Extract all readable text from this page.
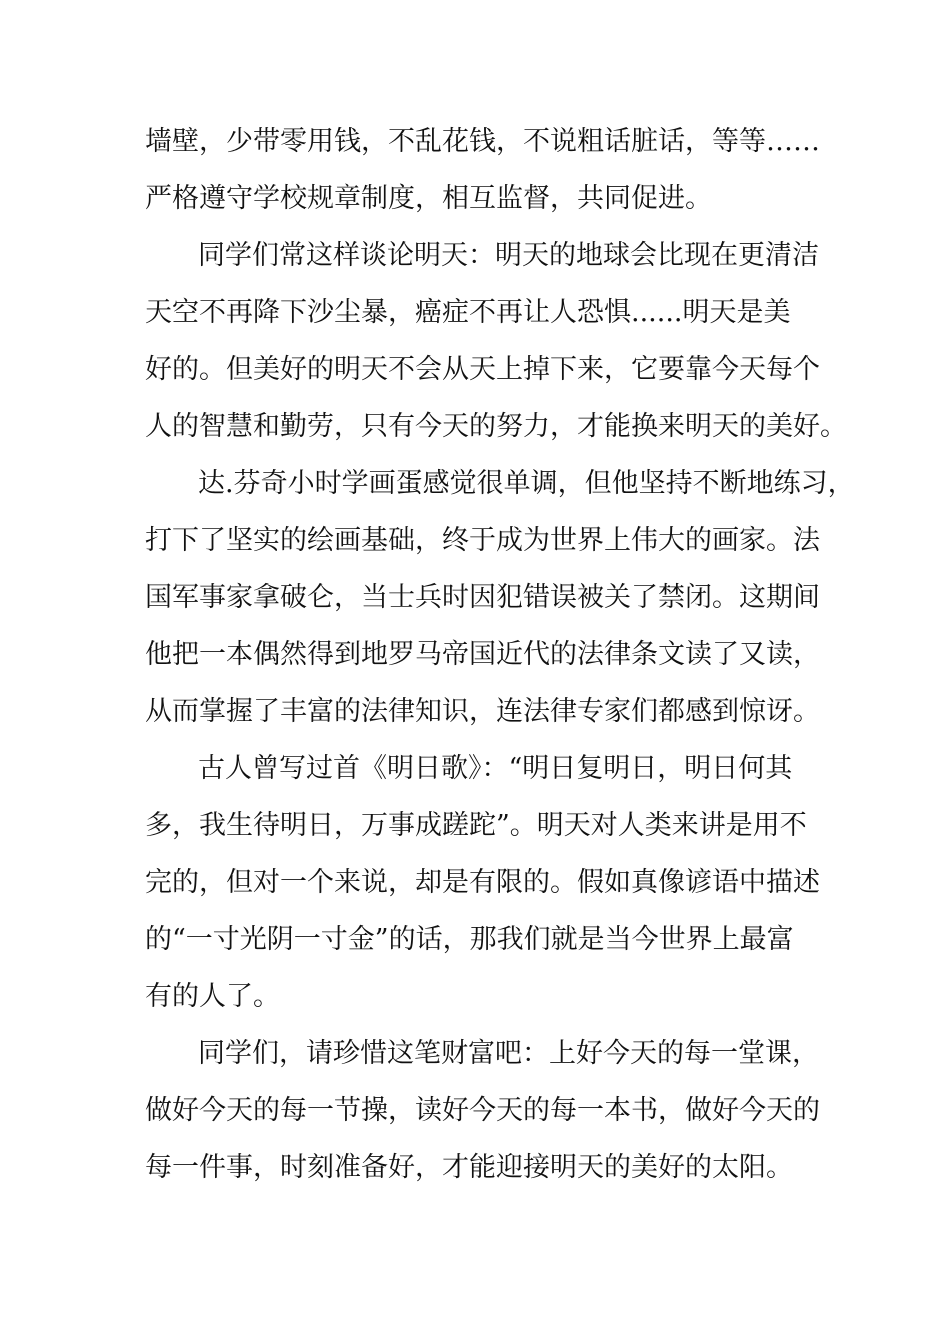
墙壁，少带零用钱，不乱花钱，不说粗话脏话，等等……

严格遵守学校规章制度，相互监督，共同促进。

同学们常这样谈论明天：明天的地球会比现在更清洁

天空不再降下沙尘暴，癌症不再让人恐惧......明天是美

好的。但美好的明天不会从天上掉下来，它要靠今天每个

人的智慧和勤劳，只有今天的努力，才能换来明天的美好。

达.芬奇小时学画蛋感觉很单调，但他坚持不断地练习，

打下了坚实的绘画基础，终于成为世界上伟大的画家。法

国军事家拿破仑，当士兵时因犯错误被关了禁闭。这期间

他把一本偶然得到地罗马帝国近代的法律条文读了又读，

从而掌握了丰富的法律知识，连法律专家们都感到惊讶。

古人曾写过首《明日歌》：“明日复明日，明日何其

多，我生待明日，万事成蹉跎”。明天对人类来讲是用不

完的，但对一个来说，却是有限的。假如真像谚语中描述

的“一寸光阴一寸金”的话，那我们就是当今世界上最富

有的人了。

同学们，请珍惜这笔财富吧：上好今天的每一堂课，

做好今天的每一节操，读好今天的每一本书，做好今天的

每一件事，时刻准备好，才能迎接明天的美好的太阳。
